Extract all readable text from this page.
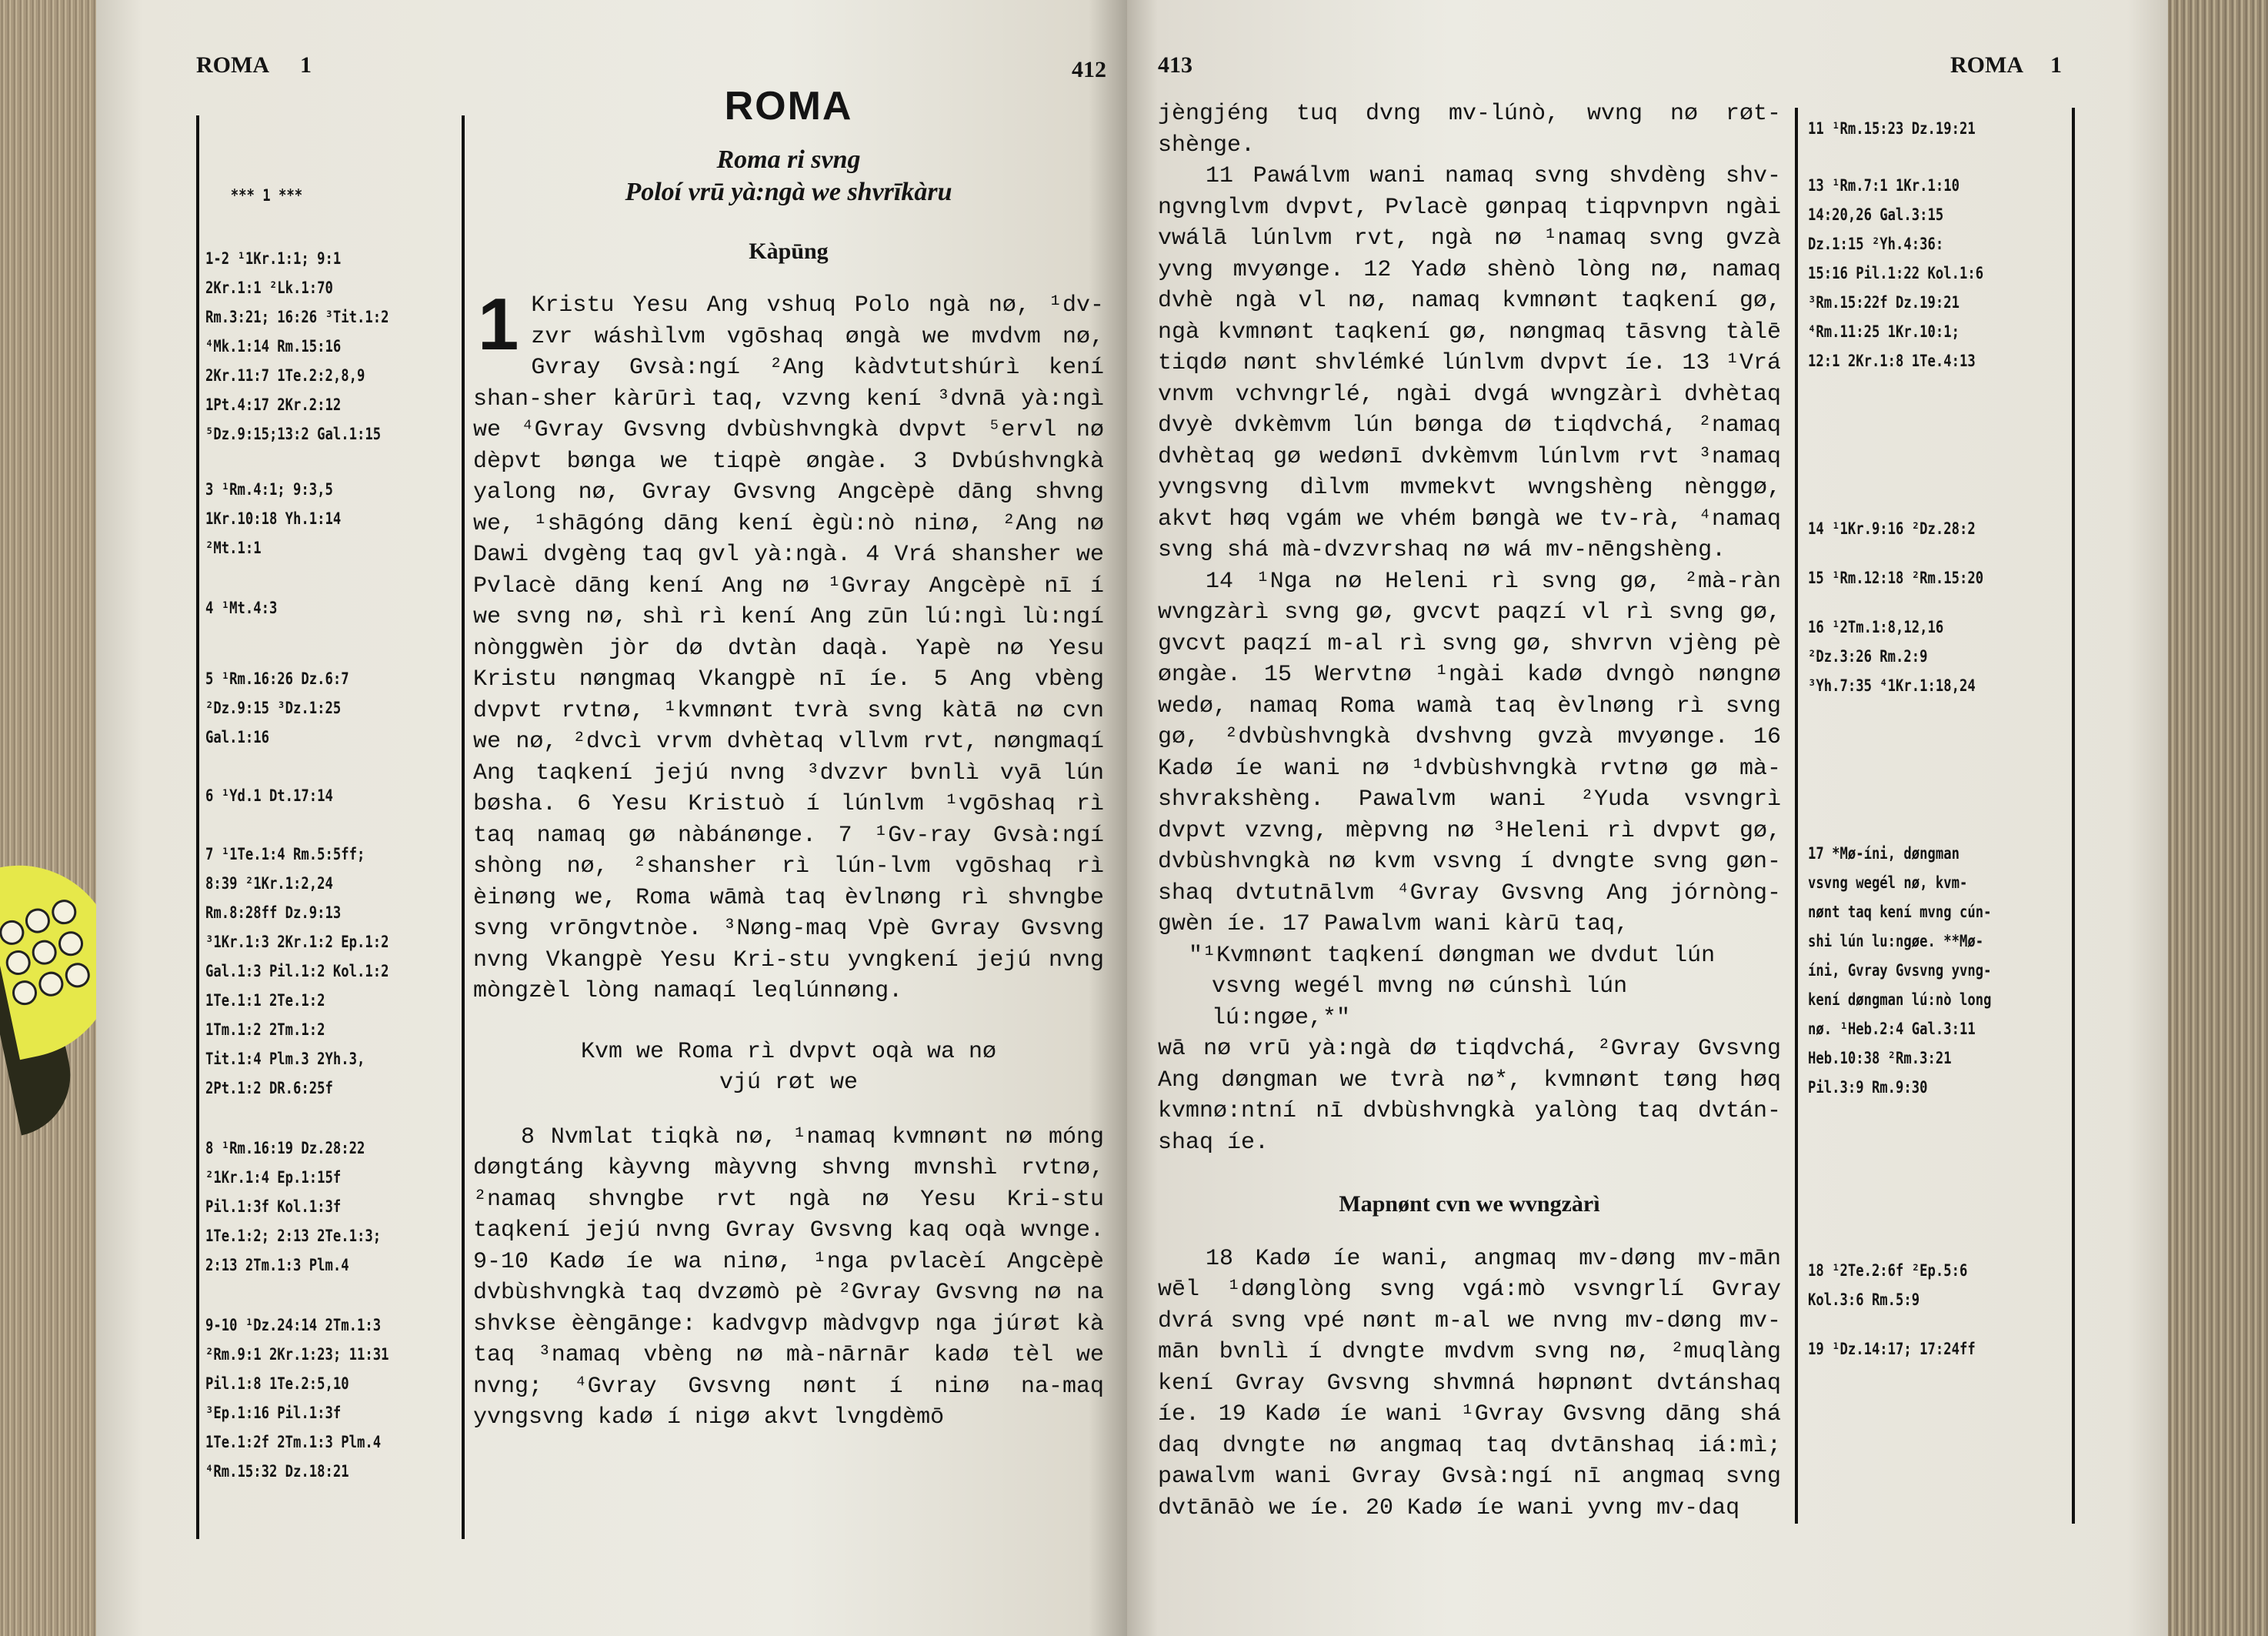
ROMA 1	412
*** 1 ***
1-2 ¹1Kr.1:1; 9:1
2Kr.1:1 ²Lk.1:70
Rm.3:21; 16:26 ³Tit.1:2
⁴Mk.1:14 Rm.15:16
2Kr.11:7 1Te.2:2,8,9
1Pt.4:17 2Kr.2:12
⁵Dz.9:15;13:2 Gal.1:15
3 ¹Rm.4:1; 9:3,5
1Kr.10:18 Yh.1:14
²Mt.1:1
4 ¹Mt.4:3
5 ¹Rm.16:26 Dz.6:7
²Dz.9:15 ³Dz.1:25
Gal.1:16
6 ¹Yd.1 Dt.17:14
7 ¹1Te.1:4 Rm.5:5ff;
8:39 ²1Kr.1:2,24
Rm.8:28ff Dz.9:13
³1Kr.1:3 2Kr.1:2 Ep.1:2
Gal.1:3 Pil.1:2 Kol.1:2
1Te.1:1 2Te.1:2
1Tm.1:2 2Tm.1:2
Tit.1:4 Plm.3 2Yh.3,
2Pt.1:2 DR.6:25f
8 ¹Rm.16:19 Dz.28:22
²1Kr.1:4 Ep.1:15f
Pil.1:3f Kol.1:3f
1Te.1:2; 2:13 2Te.1:3;
2:13 2Tm.1:3 Plm.4
9-10 ¹Dz.24:14 2Tm.1:3
²Rm.9:1 2Kr.1:23; 11:31
Pil.1:8 1Te.2:5,10
³Ep.1:16 Pil.1:3f
1Te.1:2f 2Tm.1:3 Plm.4
⁴Rm.15:32 Dz.18:21
ROMA
Roma ri svng
Poloí vrū yà:ngà we shvrīkàru
Kàpūng
1 Kristu Yesu Ang vshuq Polo ngà nø, ¹dv-zvr wáshìlvm vgōshaq øngà we mvdvm nø, Gvray Gvsà:ngí ²Ang kàdvtutshúrì kení shan-sher kàrūrì taq, vzvng kení ³dvnā yà:ngì we ⁴Gvray Gvsvng dvbùshvngkà dvpvt ⁵ervl nø dèpvt bønga we tiqpè øngàe. 3 Dvbúshvngkà yalong nø, Gvray Gvsvng Angcèpè dāng shvng we, ¹shāgóng dāng kení ègù:nò ninø, ²Ang nø Dawi dvgèng taq gvl yà:ngà. 4 Vrá shansher we Pvlacè dāng kení Ang nø ¹Gvray Angcèpè nī í we svng nø, shì rì kení Ang zūn lú:ngì lù:ngí nònggwèn jòr dø dvtàn daqà. Yapè nø Yesu Kristu nøngmaq Vkangpè nī íe. 5 Ang vbèng dvpvt rvtnø, ¹kvmnønt tvrà svng kàtā nø cvn we nø, ²dvcì vrvm dvhètaq vllvm rvt, nøngmaqí Ang taqkení jejú nvng ³dvzvr bvnlì vyā lún bøsha. 6 Yesu Kristuò í lúnlvm ¹vgōshaq rì taq namaq gø nàbánønge. 7 ¹Gv-ray Gvsà:ngí shòng nø, ²shansher rì lún-lvm vgōshaq rì èinøng we, Roma wāmà taq èvlnøng rì shvngbe svng vrōngvtnòe. ³Nøng-maq Vpè Gvray Gvsvng nvng Vkangpè Yesu Kri-stu yvngkení jejú nvng mòngzèl lòng namaqí leqlúnnøng.

Kvm we Roma rì dvpvt oqà wa nø
vjú røt we

8 Nvmlat tiqkà nø, ¹namaq kvmnønt nø móng døngtáng kàyvng màyvng shvng mvnshì rvtnø, ²namaq shvngbe rvt ngà nø Yesu Kri-stu taqkení jejú nvng Gvray Gvsvng kaq oqà wvnge. 9-10 Kadø íe wa ninø, ¹nga pvlacèí Angcèpè dvbùshvngkà taq dvzømò pè ²Gvray Gvsvng nø na shvkse èèngānge: kadvgvp màdvgvp nga júrøt kà taq ³namaq vbèng nø mà-nārnār kadø tèl we nvng; ⁴Gvray Gvsvng nønt í ninø na-maq yvngsvng kadø í nigø akvt lvngdèmō

413	ROMA 1

jèngjéng tuq dvng mv-lúnò, wvng nø røt-shènge.

11 Pawálvm wani namaq svng shvdèng shv-ngvnglvm dvpvt, Pvlacè gønpaq tiqpvnpvn ngài vwálā lúnlvm rvt, ngà nø ¹namaq svng gvzà yvng mvyønge. 12 Yadø shènò lòng nø, namaq dvhè ngà vl nø, namaq kvmnønt taqkení gø, ngà kvmnønt taqkení gø, nøngmaq tāsvng tàlē tiqdø nønt shvlémké lúnlvm dvpvt íe. 13 ¹Vrá vnvm vchvngrlé, ngài dvgá wvngzàrì dvhètaq dvyè dvkèmvm lún bønga dø tiqdvchá, ²namaq dvhètaq gø wedønī dvkèmvm lúnlvm rvt ³namaq yvngsvng dìlvm mvmekvt wvngshèng nènggø, akvt høq vgám we vhém bøngà we tv-rà, ⁴namaq svng shá mà-dvzvrshaq nø wá mv-nēngshèng.

14 ¹Nga nø Heleni rì svng gø, ²mà-ràn wvngzàrì svng gø, gvcvt paqzí vl rì svng gø, gvcvt paqzí m-al rì svng gø, shvrvn vjèng pè øngàe. 15 Wervtnø ¹ngài kadø dvngò nøngnø wedø, namaq Roma wamà taq èvlnøng rì svng gø, ²dvbùshvngkà dvshvng gvzà mvyønge. 16 Kadø íe wani nø ¹dvbùshvngkà rvtnø gø mà-shvrakshèng. Pawalvm wani ²Yuda vsvngrì dvpvt vzvng, mèpvng nø ³Heleni rì dvpvt gø, dvbùshvngkà nø kvm vsvng í dvngte svng gøn-shaq dvtutnālvm ⁴Gvray Gvsvng Ang jórnòng-gwèn íe. 17 Pawalvm wani kàrū taq,

"¹Kvmnønt taqkení døngman we dvdut lún
vsvng wegél mvng nø cúnshì lún
lú:ngøe,*"

wā nø vrū yà:ngà dø tiqdvchá, ²Gvray Gvsvng Ang døngman we tvrà nø*, kvmnønt tøng høq kvmnø:ntní nī dvbùshvngkà yalòng taq dvtán-shaq íe.

Mapnønt cvn we wvngzàrì

18 Kadø íe wani, angmaq mv-døng mv-mān wēl ¹dønglòng svng vgá:mò vsvngrlí Gvray dvrá svng vpé nønt m-al we nvng mv-døng mv-mān bvnlì í dvngte mvdvm svng nø, ²muqlàng kení Gvray Gvsvng shvmná høpnønt dvtánshaq íe. 19 Kadø íe wani ¹Gvray Gvsvng dāng shá daq dvngte nø angmaq taq dvtānshaq iá:mì; pawalvm wani Gvray Gvsà:ngí nī angmaq svng dvtānāò we íe. 20 Kadø íe wani yvng mv-daq

11 ¹Rm.15:23 Dz.19:21
13 ¹Rm.7:1 1Kr.1:10
14:20,26 Gal.3:15
Dz.1:15 ²Yh.4:36:
15:16 Pil.1:22 Kol.1:6
³Rm.15:22f Dz.19:21
⁴Rm.11:25 1Kr.10:1;
12:1 2Kr.1:8 1Te.4:13
14 ¹1Kr.9:16 ²Dz.28:2
15 ¹Rm.12:18 ²Rm.15:20
16 ¹2Tm.1:8,12,16
²Dz.3:26 Rm.2:9
³Yh.7:35 ⁴1Kr.1:18,24
17 *Mø-íni, døngman
vsvng wegél nø, kvm-
nønt taq kení mvng cún-
shi lún lu:ngøe. **Mø-
íni, Gvray Gvsvng yvng-
kení døngman lú:nò long
nø. ¹Heb.2:4 Gal.3:11
Heb.10:38 ²Rm.3:21
Pil.3:9 Rm.9:30
18 ¹2Te.2:6f ²Ep.5:6
Kol.3:6 Rm.5:9
19 ¹Dz.14:17; 17:24ff
